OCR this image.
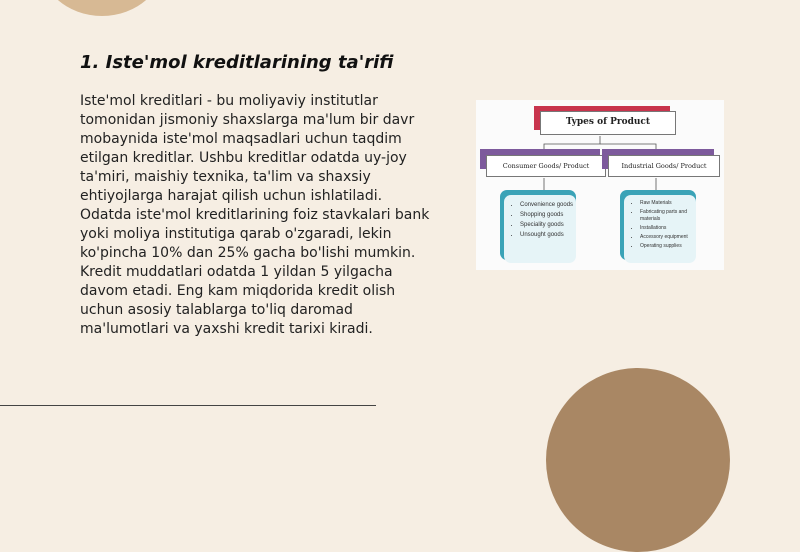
1. Iste'mol kreditlarining ta'rifi

Iste'mol kreditlari - bu moliyaviy institutlar tomonidan jismoniy shaxslarga ma'lum bir davr mobaynida iste'mol maqsadlari uchun taqdim etilgan kreditlar. Ushbu kreditlar odatda uy-joy ta'miri, maishiy texnika, ta'lim va shaxsiy ehtiyojlarga harajat qilish uchun ishlatiladi. Odatda iste'mol kreditlarining foiz stavkalari bank yoki moliya institutiga qarab o'zgaradi, lekin ko'pincha 10% dan 25% gacha bo'lishi mumkin. Kredit muddatlari odatda 1 yildan 5 yilgacha davom etadi. Eng kam miqdorida kredit olish uchun asosiy talablarga to'liq daromad ma'lumotlari va yaxshi kredit tarixi kiradi.

Types of Product
Consumer Goods/ Product	Industrial Goods/ Product
• Convenience goods
• Shopping goods
• Speciality goods
• Unsought goods
• Raw Materials
• Fabricating parts and materials
• Installations
• Accessory equipment
• Operating supplies
